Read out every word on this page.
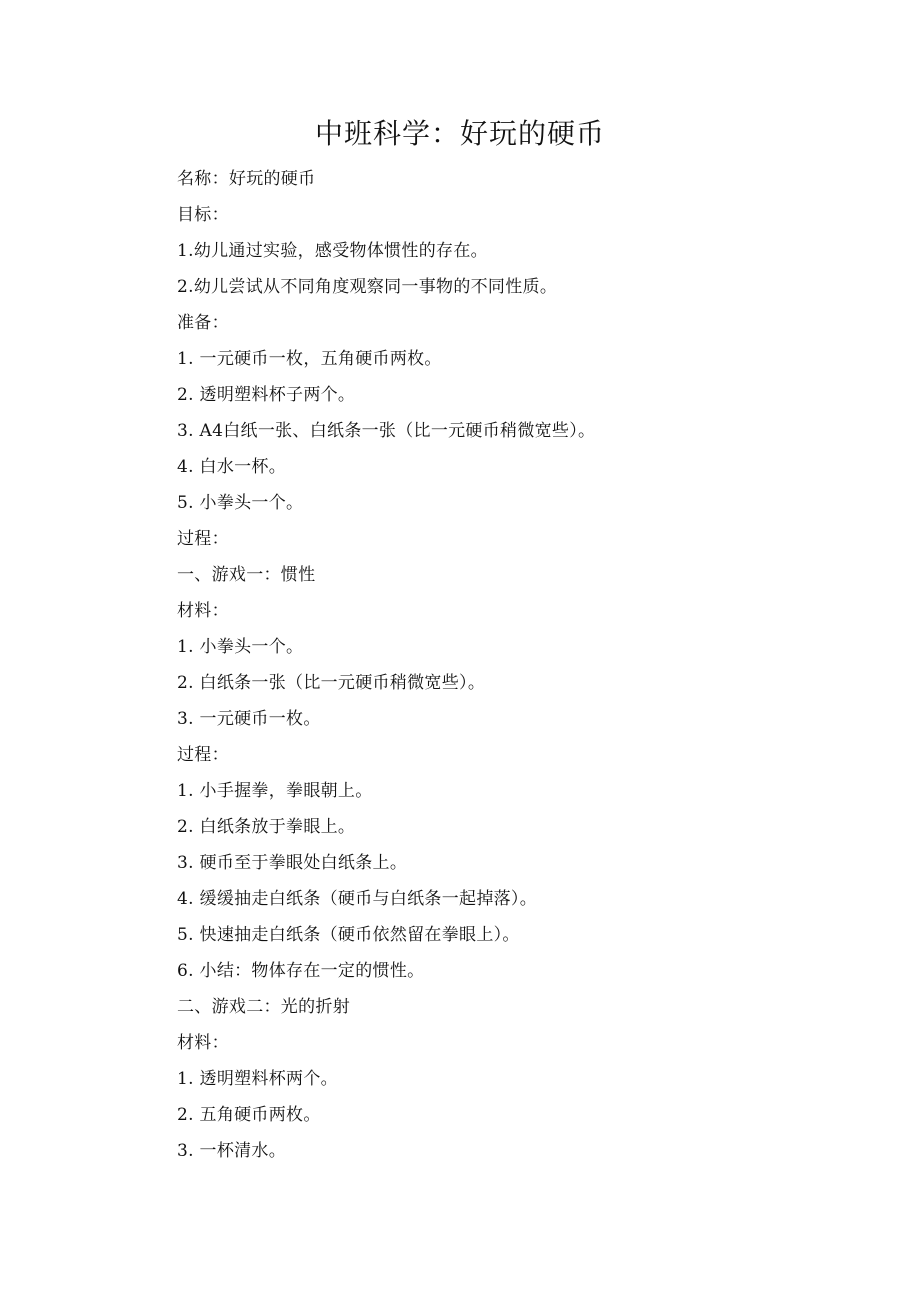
中班科学：好玩的硬币
名称：好玩的硬币
目标：
1.幼儿通过实验，感受物体惯性的存在。
2.幼儿尝试从不同角度观察同一事物的不同性质。
准备：
1. 一元硬币一枚，五角硬币两枚。
2. 透明塑料杯子两个。
3. A4白纸一张、白纸条一张（比一元硬币稍微宽些）。
4. 白水一杯。
5. 小拳头一个。
过程：
一、游戏一：惯性
材料：
1. 小拳头一个。
2. 白纸条一张（比一元硬币稍微宽些）。
3. 一元硬币一枚。
过程：
1. 小手握拳，拳眼朝上。
2. 白纸条放于拳眼上。
3. 硬币至于拳眼处白纸条上。
4. 缓缓抽走白纸条（硬币与白纸条一起掉落）。
5. 快速抽走白纸条（硬币依然留在拳眼上）。
6. 小结：物体存在一定的惯性。
二、游戏二：光的折射
材料：
1. 透明塑料杯两个。
2. 五角硬币两枚。
3. 一杯清水。
